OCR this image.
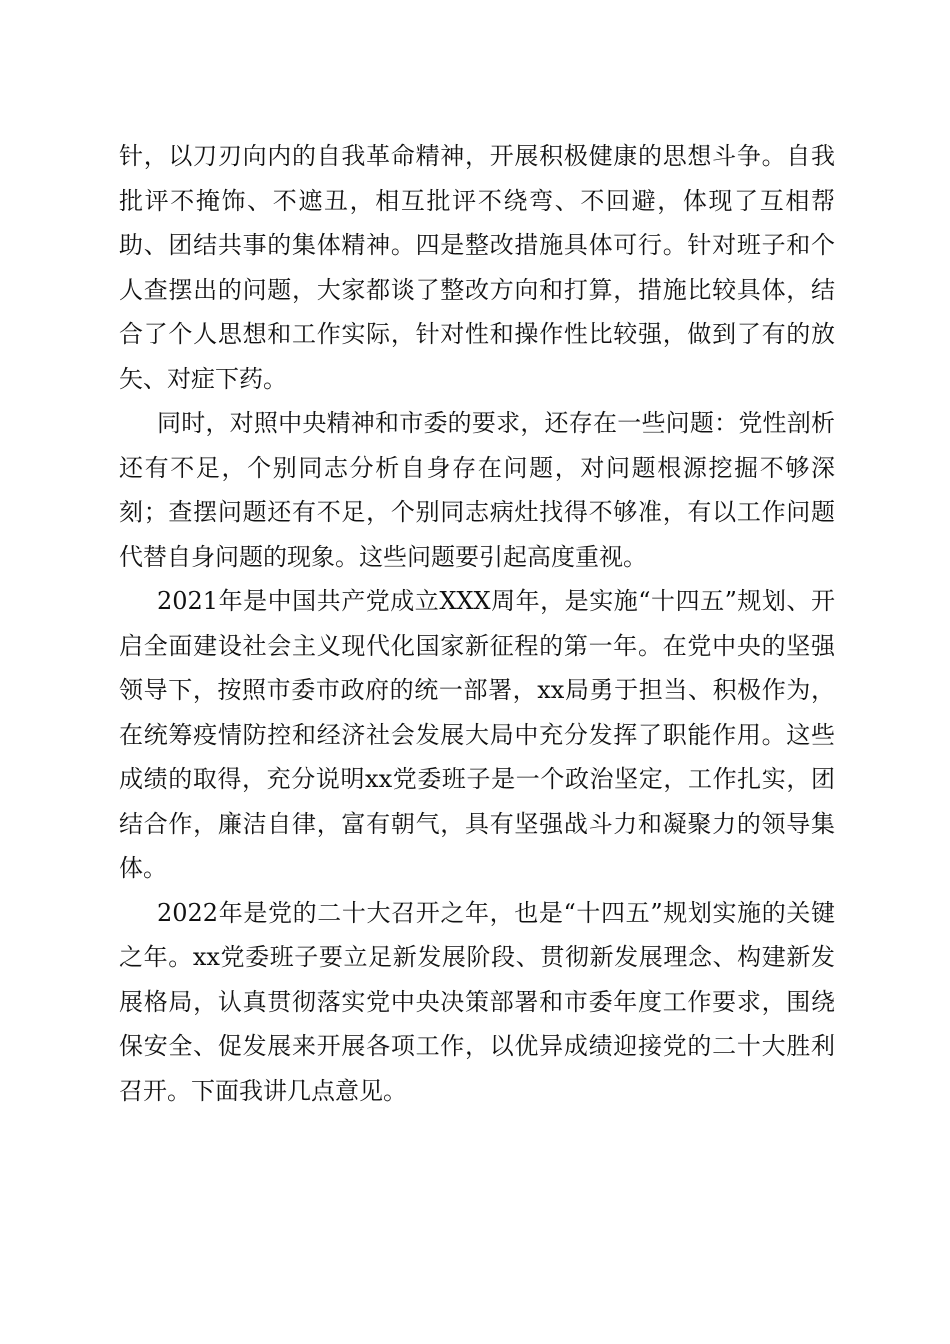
针，以刀刃向内的自我革命精神，开展积极健康的思想斗争。自我批评不掩饰、不遮丑，相互批评不绕弯、不回避，体现了互相帮助、团结共事的集体精神。四是整改措施具体可行。针对班子和个人查摆出的问题，大家都谈了整改方向和打算，措施比较具体，结合了个人思想和工作实际，针对性和操作性比较强，做到了有的放矢、对症下药。

同时，对照中央精神和市委的要求，还存在一些问题：党性剖析还有不足，个别同志分析自身存在问题，对问题根源挖掘不够深刻；查摆问题还有不足，个别同志病灶找得不够准，有以工作问题代替自身问题的现象。这些问题要引起高度重视。

2021年是中国共产党成立XXX周年，是实施“十四五”规划、开启全面建设社会主义现代化国家新征程的第一年。在党中央的坚强领导下，按照市委市政府的统一部署，xx局勇于担当、积极作为，在统筹疫情防控和经济社会发展大局中充分发挥了职能作用。这些成绩的取得，充分说明xx党委班子是一个政治坚定，工作扎实，团结合作，廉洁自律，富有朝气，具有坚强战斗力和凝聚力的领导集体。

2022年是党的二十大召开之年，也是“十四五”规划实施的关键之年。xx党委班子要立足新发展阶段、贯彻新发展理念、构建新发展格局，认真贯彻落实党中央决策部署和市委年度工作要求，围绕保安全、促发展来开展各项工作，以优异成绩迎接党的二十大胜利召开。下面我讲几点意见。
